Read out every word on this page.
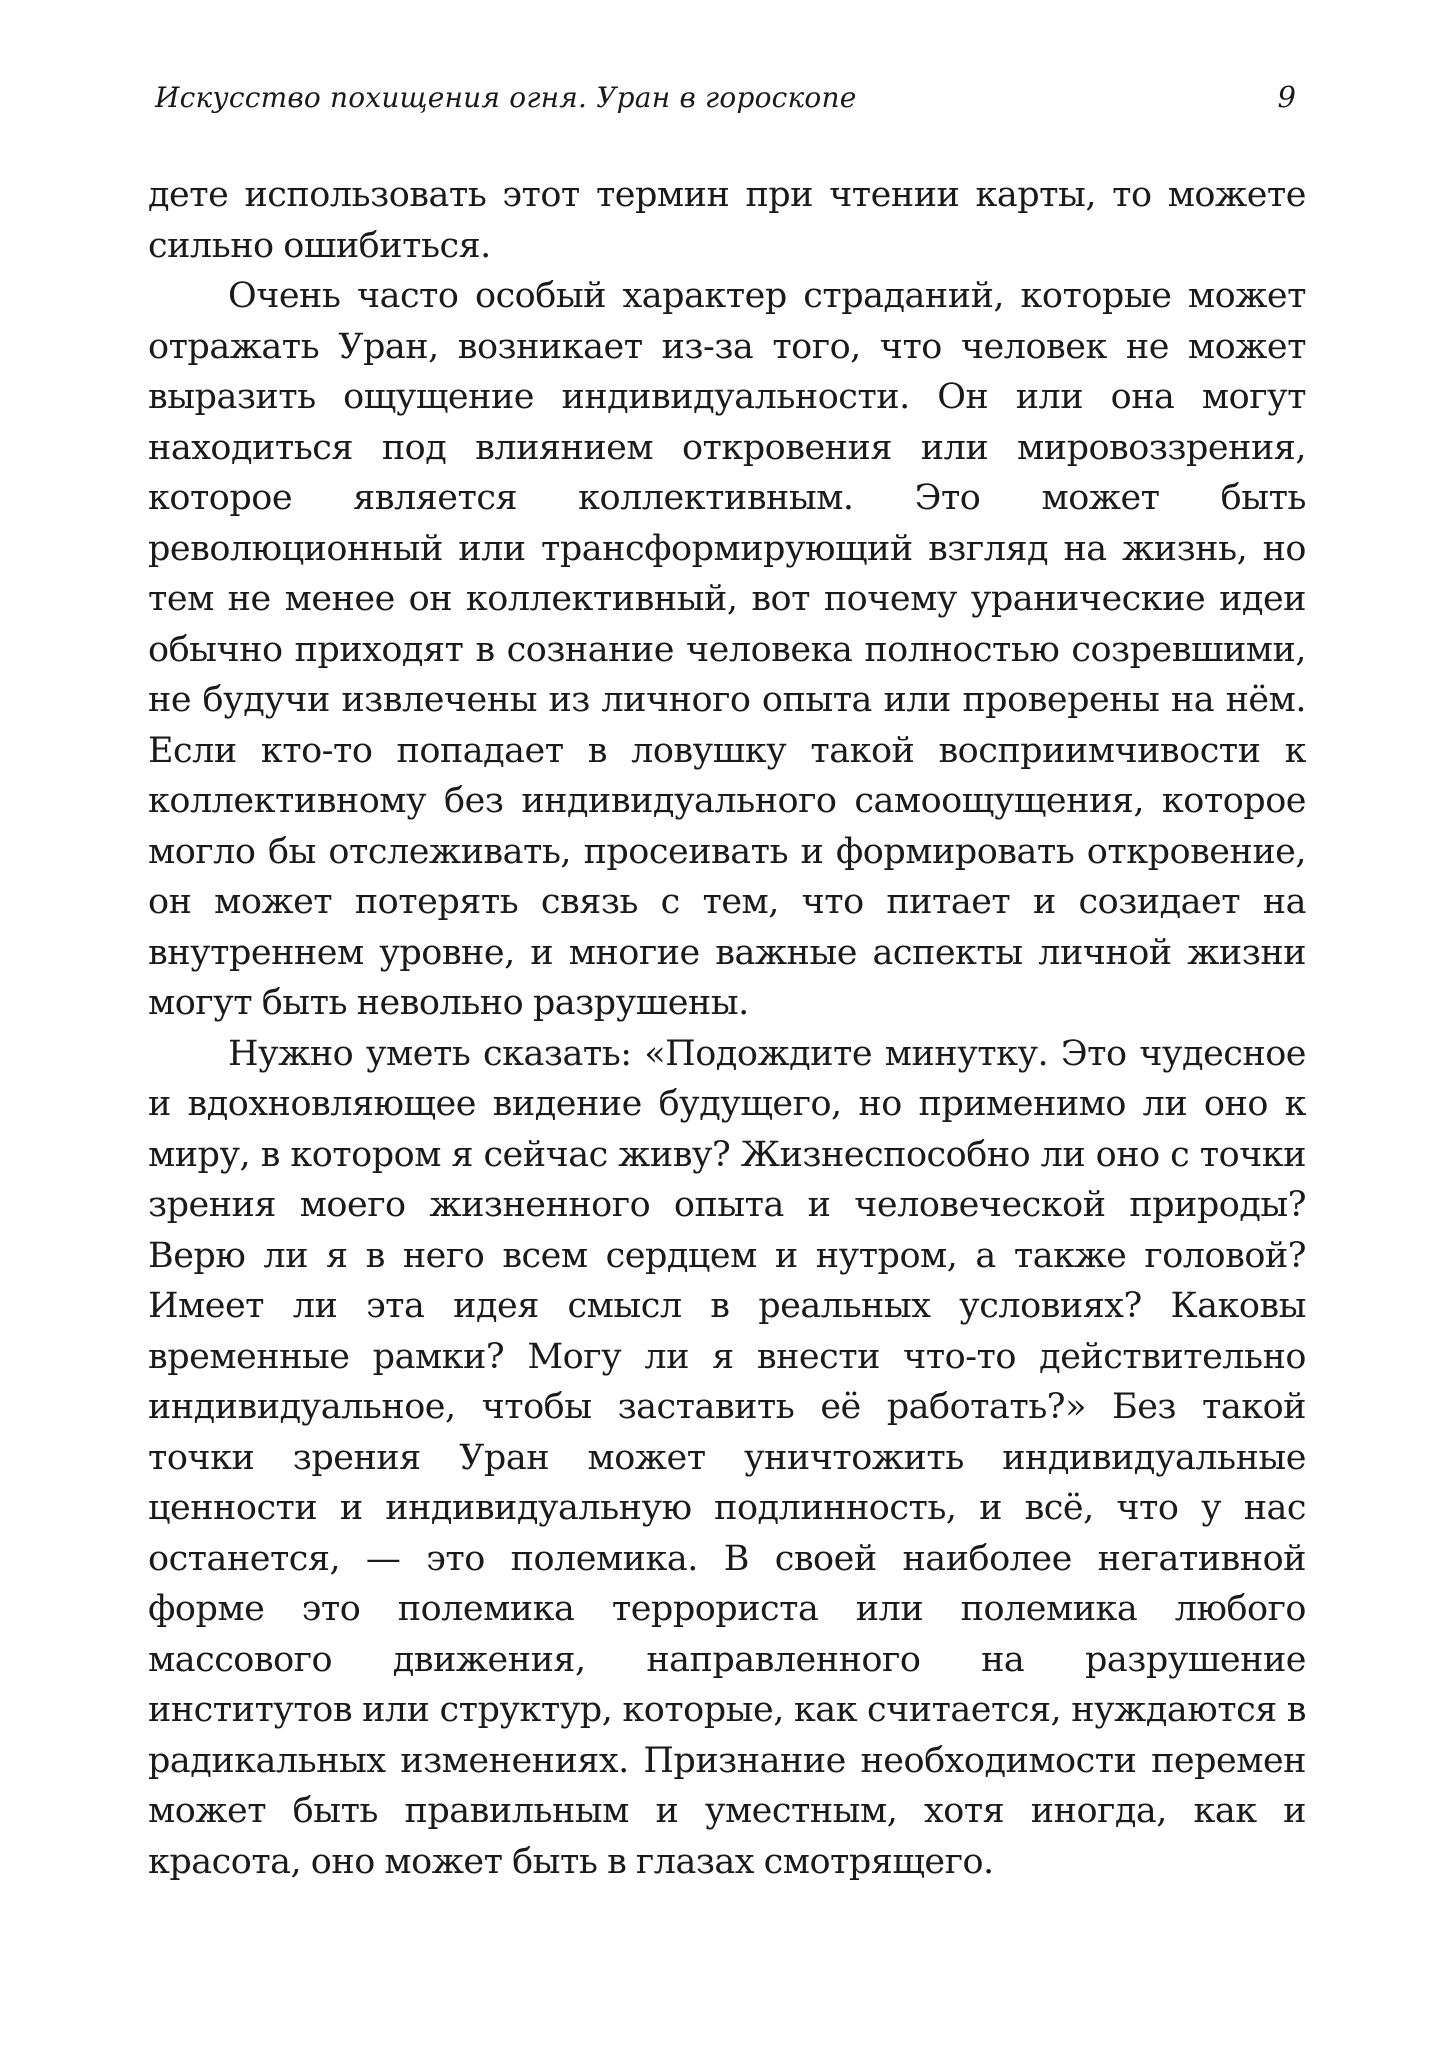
Искусство похищения огня. Уран в гороскопе	9

дете использовать этот термин при чтении карты, то можете сильно ошибиться.

Очень часто особый характер страданий, которые может отражать Уран, возникает из-за того, что человек не может выразить ощущение индивидуальности. Он или она могут находиться под влиянием откровения или мировоззрения, которое является коллективным. Это может быть революционный или трансформирующий взгляд на жизнь, но тем не менее он коллективный, вот почему уранические идеи обычно приходят в сознание человека полностью созревшими, не будучи извлечены из личного опыта или проверены на нём. Если кто-то попадает в ловушку такой восприимчивости к коллективному без индивидуального самоощущения, которое могло бы отслеживать, просеивать и формировать откровение, он может потерять связь с тем, что питает и созидает на внутреннем уровне, и многие важные аспекты личной жизни могут быть невольно разрушены.

Нужно уметь сказать: «Подождите минутку. Это чудесное и вдохновляющее видение будущего, но применимо ли оно к миру, в котором я сейчас живу? Жизнеспособно ли оно с точки зрения моего жизненного опыта и человеческой природы? Верю ли я в него всем сердцем и нутром, а также головой? Имеет ли эта идея смысл в реальных условиях? Каковы временные рамки? Могу ли я внести что-то действительно индивидуальное, чтобы заставить её работать?» Без такой точки зрения Уран может уничтожить индивидуальные ценности и индивидуальную подлинность, и всё, что у нас останется, — это полемика. В своей наиболее негативной форме это полемика террориста или полемика любого массового движения, направленного на разрушение институтов или структур, которые, как считается, нуждаются в радикальных изменениях. Признание необходимости перемен может быть правильным и уместным, хотя иногда, как и красота, оно может быть в глазах смотрящего.
